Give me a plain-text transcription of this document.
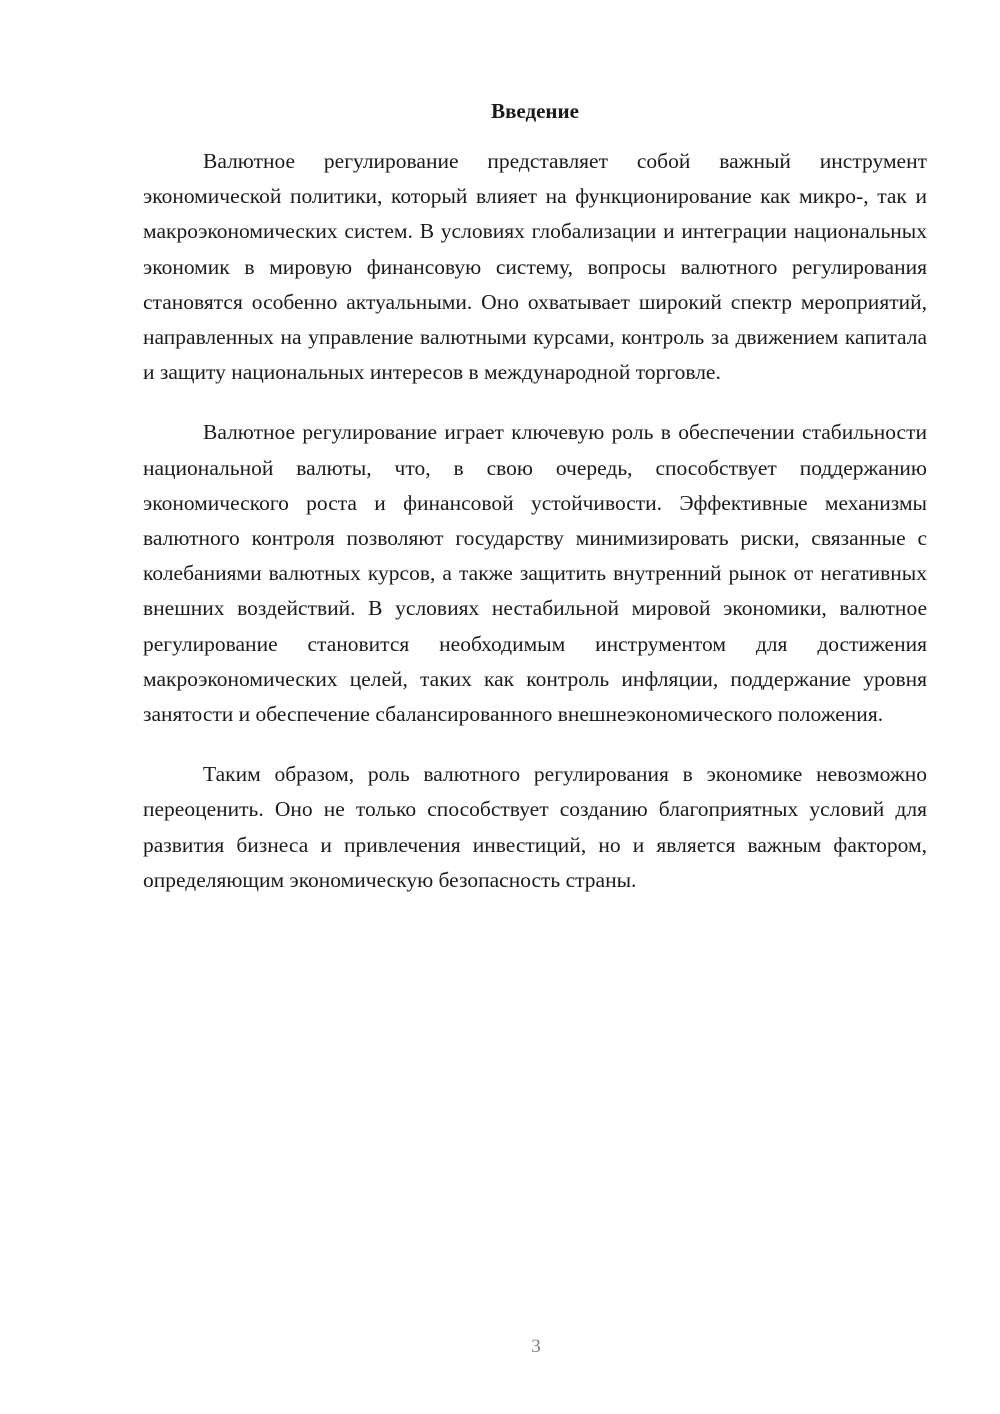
Введение

Валютное регулирование представляет собой важный инструмент экономической политики, который влияет на функционирование как микро-, так и макроэкономических систем. В условиях глобализации и интеграции национальных экономик в мировую финансовую систему, вопросы валютного регулирования становятся особенно актуальными. Оно охватывает широкий спектр мероприятий, направленных на управление валютными курсами, контроль за движением капитала и защиту национальных интересов в международной торговле.

Валютное регулирование играет ключевую роль в обеспечении стабильности национальной валюты, что, в свою очередь, способствует поддержанию экономического роста и финансовой устойчивости. Эффективные механизмы валютного контроля позволяют государству минимизировать риски, связанные с колебаниями валютных курсов, а также защитить внутренний рынок от негативных внешних воздействий. В условиях нестабильной мировой экономики, валютное регулирование становится необходимым инструментом для достижения макроэкономических целей, таких как контроль инфляции, поддержание уровня занятости и обеспечение сбалансированного внешнеэкономического положения.

Таким образом, роль валютного регулирования в экономике невозможно переоценить. Оно не только способствует созданию благоприятных условий для развития бизнеса и привлечения инвестиций, но и является важным фактором, определяющим экономическую безопасность страны.

3
